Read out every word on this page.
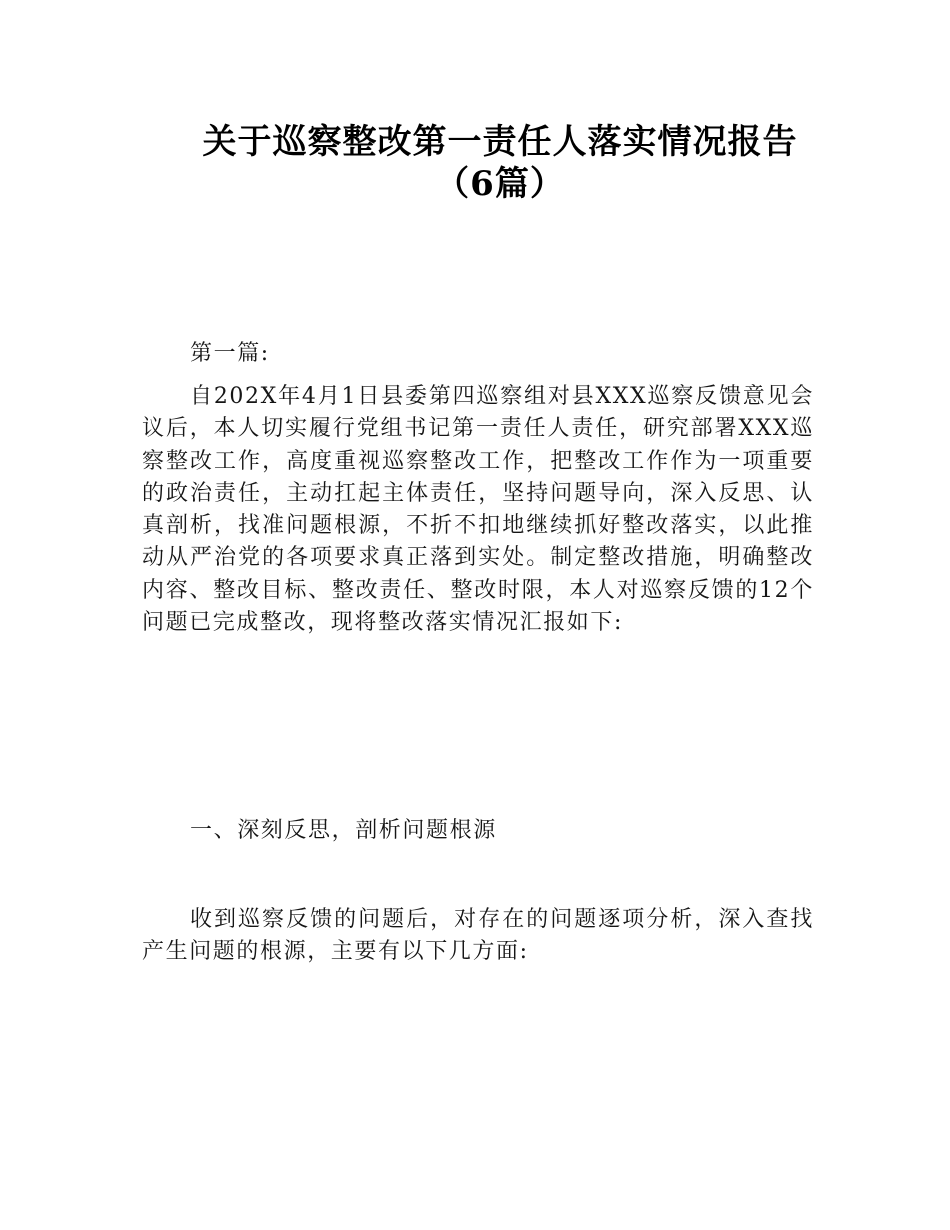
关于巡察整改第一责任人落实情况报告
（6篇）
第一篇:
自202X年4月1日县委第四巡察组对县XXX巡察反馈意见会议后，本人切实履行党组书记第一责任人责任，研究部署XXX巡察整改工作，高度重视巡察整改工作，把整改工作作为一项重要的政治责任，主动扛起主体责任，坚持问题导向，深入反思、认真剖析，找准问题根源，不折不扣地继续抓好整改落实，以此推动从严治党的各项要求真正落到实处。制定整改措施，明确整改内容、整改目标、整改责任、整改时限，本人对巡察反馈的12个问题已完成整改，现将整改落实情况汇报如下:
一、深刻反思，剖析问题根源
收到巡察反馈的问题后，对存在的问题逐项分析，深入查找产生问题的根源，主要有以下几方面:
